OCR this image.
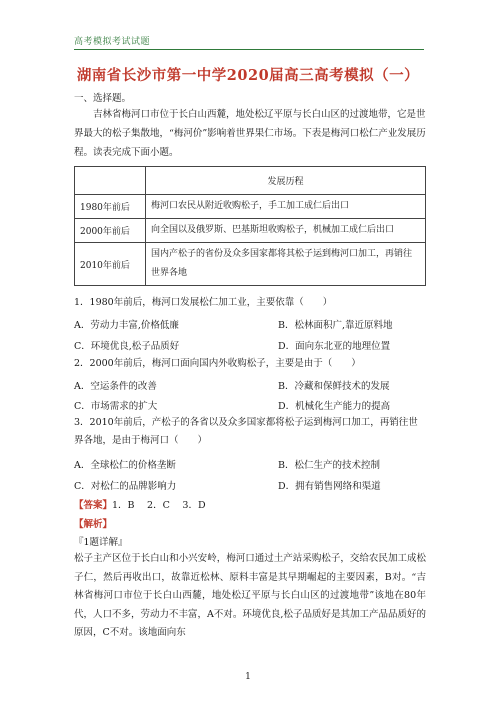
高考模拟考试试题
湖南省长沙市第一中学2020届高三高考模拟（一）
一、选择题。
吉林省梅河口市位于长白山西麓，地处松辽平原与长白山区的过渡地带，它是世界最大的松子集散地，“梅河价”影响着世界果仁市场。下表是梅河口松仁产业发展历程。读表完成下面小题。
	发展历程
1980年前后	梅河口农民从附近收购松子，手工加工成仁后出口
2000年前后	向全国以及俄罗斯、巴基斯坦收购松子，机械加工成仁后出口
2010年前后	国内产松子的省份及众多国家都将其松子运到梅河口加工，再销往世界各地
1．1980年前后，梅河口发展松仁加工业，主要依靠（　　）
A．劳动力丰富,价格低廉	B．松林面积广,靠近原料地
C．环境优良,松子品质好	D．面向东北亚的地理位置
2．2000年前后，梅河口面向国内外收购松子，主要是由于（　　）
A．空运条件的改善	B．冷藏和保鲜技术的发展
C．市场需求的扩大	D．机械化生产能力的提高
3．2010年前后，产松子的各省以及众多国家都将松子运到梅河口加工，再销往世界各地，是由于梅河口（　　）
A．全球松仁的价格垄断	B．松仁生产的技术控制
C．对松仁的品牌影响力	D．拥有销售网络和渠道
【答案】1．B　 2．C　 3．D
【解析】
『1题详解』
松子主产区位于长白山和小兴安岭，梅河口通过土产站采购松子，交给农民加工成松子仁，然后再收出口，故靠近松林、原料丰富是其早期崛起的主要因素，B对。“吉林省梅河口市位于长白山西麓，地处松辽平原与长白山区的过渡地带”该地在80年代，人口不多，劳动力不丰富，A不对。环境优良,松子品质好是其加工产品品质好的原因，C不对。该地面向东
1
